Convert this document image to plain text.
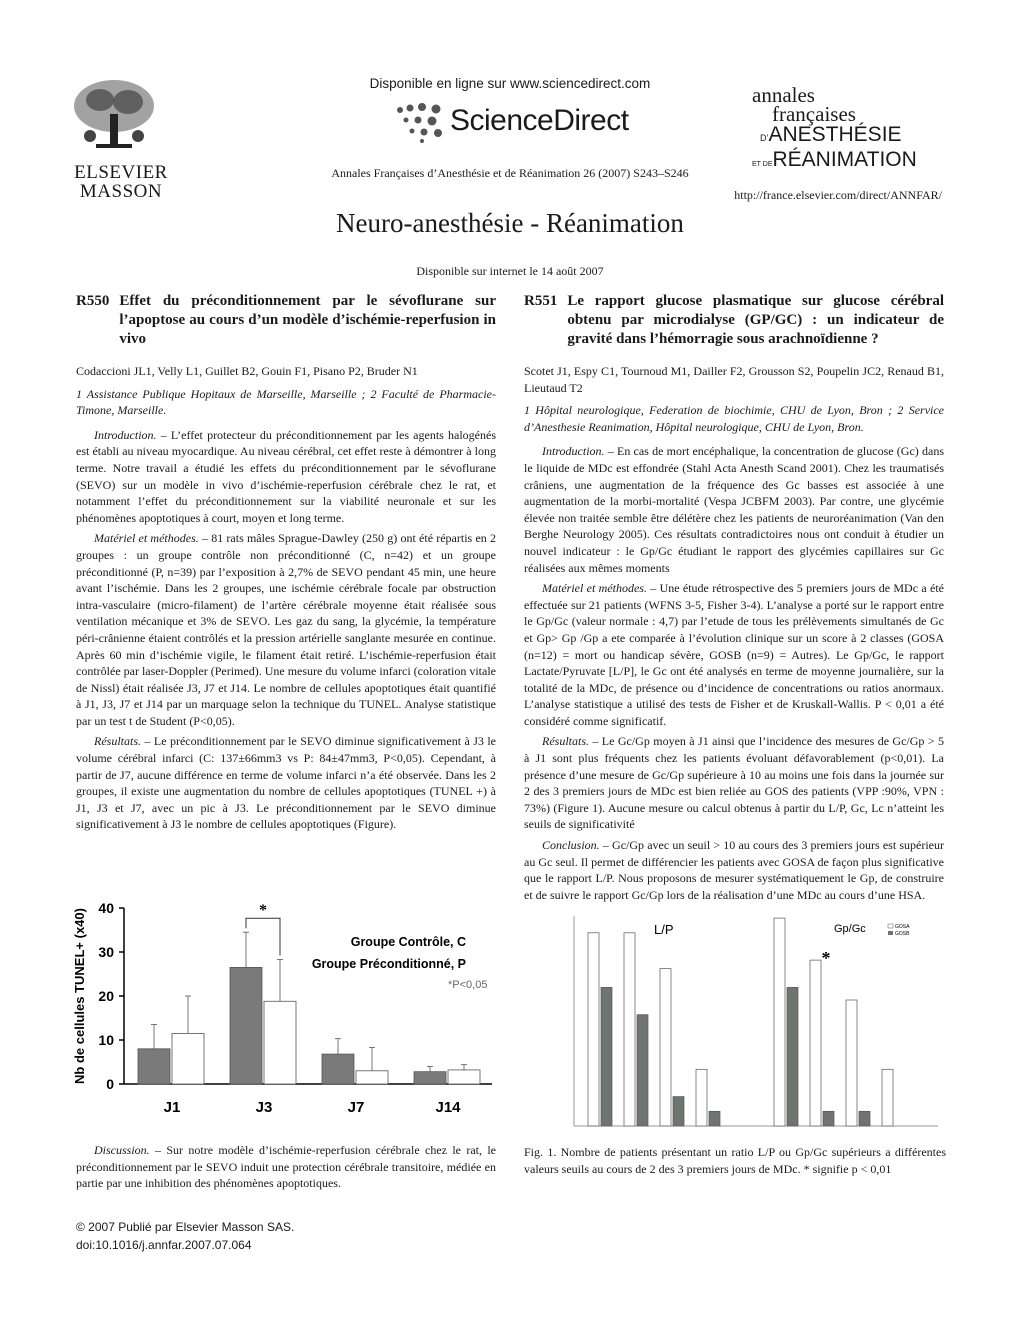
ELSEVIER
MASSON
Disponible en ligne sur www.sciencedirect.com
ScienceDirect
Annales Françaises d’Anesthésie et de Réanimation 26 (2007) S243–S246
annales
françaises
D’ANESTHÉSIE
ET DERÉANIMATION
http://france.elsevier.com/direct/ANNFAR/
Neuro-anesthésie - Réanimation
Disponible sur internet le 14 août 2007
R550 Effet du préconditionnement par le sévoflurane sur l’apoptose au cours d’un modèle d’ischémie-reperfusion in vivo
Codaccioni JL1, Velly L1, Guillet B2, Gouin F1, Pisano P2, Bruder N1
1 Assistance Publique Hopitaux de Marseille, Marseille ; 2 Faculté de Pharmacie-Timone, Marseille.

Introduction. – L’effet protecteur du préconditionnement par les agents halogénés est établi au niveau myocardique. Au niveau cérébral, cet effet reste à démontrer à long terme. Notre travail a étudié les effets du préconditionnement par le sévoflurane (SEVO) sur un modèle in vivo d’ischémie-reperfusion cérébrale chez le rat, et notamment l’effet du préconditionnement sur la viabilité neuronale et sur les phénomènes apoptotiques à court, moyen et long terme.

Matériel et méthodes. – 81 rats mâles Sprague-Dawley (250 g) ont été répartis en 2 groupes : un groupe contrôle non préconditionné (C, n=42) et un groupe préconditionné (P, n=39) par l’exposition à 2,7% de SEVO pendant 45 min, une heure avant l’ischémie. Dans les 2 groupes, une ischémie cérébrale focale par obstruction intra-vasculaire (micro-filament) de l’artère cérébrale moyenne était réalisée sous ventilation mécanique et 3% de SEVO. Les gaz du sang, la glycémie, la température péri-crânienne étaient contrôlés et la pression artérielle sanglante mesurée en continue. Après 60 min d’ischémie vigile, le filament était retiré. L’ischémie-reperfusion était contrôlée par laser-Doppler (Perimed). Une mesure du volume infarci (coloration vitale de Nissl) était réalisée J3, J7 et J14. Le nombre de cellules apoptotiques était quantifié à J1, J3, J7 et J14 par un marquage selon la technique du TUNEL. Analyse statistique par un test t de Student (P<0,05).

Résultats. – Le préconditionnement par le SEVO diminue significativement à J3 le volume cérébral infarci (C: 137±66mm3 vs P: 84±47mm3, P<0,05). Cependant, à partir de J7, aucune différence en terme de volume infarci n’a été observée. Dans les 2 groupes, il existe une augmentation du nombre de cellules apoptotiques (TUNEL +) à J1, J3 et J7, avec un pic à J3. Le préconditionnement par le SEVO diminue significativement à J3 le nombre de cellules apoptotiques (Figure).

Nb de cellules TUNEL+ (x40)
0
10
20
30
40
J1	J3	J7	J14
*
Groupe Contrôle, C
Groupe Préconditionné, P
*P<0,05

Discussion. – Sur notre modèle d’ischémie-reperfusion cérébrale chez le rat, le préconditionnement par le SEVO induit une protection cérébrale transitoire, médiée en partie par une inhibition des phénomènes apoptotiques.

R551 Le rapport glucose plasmatique sur glucose cérébral obtenu par microdialyse (GP/GC) : un indicateur de gravité dans l’hémorragie sous arachnoïdienne ?
Scotet J1, Espy C1, Tournoud M1, Dailler F2, Grousson S2, Poupelin JC2, Renaud B1, Lieutaud T2
1 Hôpital neurologique, Federation de biochimie, CHU de Lyon, Bron ; 2 Service d’Anesthesie Reanimation, Hôpital neurologique, CHU de Lyon, Bron.

Introduction. – En cas de mort encéphalique, la concentration de glucose (Gc) dans le liquide de MDc est effondrée (Stahl Acta Anesth Scand 2001). Chez les traumatisés crâniens, une augmentation de la fréquence des Gc basses est associée à une augmentation de la morbi-mortalité (Vespa JCBFM 2003). Par contre, une glycémie élevée non traitée semble être délétère chez les patients de neuroréanimation (Van den Berghe Neurology 2005). Ces résultats contradictoires nous ont conduit à étudier un nouvel indicateur : le Gp/Gc étudiant le rapport des glycémies capillaires sur Gc réalisées aux mêmes moments

Matériel et méthodes. – Une étude rétrospective des 5 premiers jours de MDc a été effectuée sur 21 patients (WFNS 3-5, Fisher 3-4). L’analyse a porté sur le rapport entre le Gp/Gc (valeur normale : 4,7) par l’etude de tous les prélèvements simultanés de Gc et Gp> Gp /Gp a ete comparée à l’évolution clinique sur un score à 2 classes (GOSA (n=12) = mort ou handicap sévère, GOSB (n=9) = Autres). Le Gp/Gc, le rapport Lactate/Pyruvate [L/P], le Gc ont été analysés en terme de moyenne journalière, sur la totalité de la MDc, de présence ou d’incidence de concentrations ou ratios anormaux. L’analyse statistique a utilisé des tests de Fisher et de Kruskall-Wallis. P < 0,01 a été considéré comme significatif.

Résultats. – Le Gc/Gp moyen à J1 ainsi que l’incidence des mesures de Gc/Gp > 5 à J1 sont plus fréquents chez les patients évoluant défavorablement (p<0,01). La présence d’une mesure de Gc/Gp supérieure à 10 au moins une fois dans la journée sur 2 des 3 premiers jours de MDc est bien reliée au GOS des patients (VPP :90%, VPN : 73%) (Figure 1). Aucune mesure ou calcul obtenus à partir du L/P, Gc, Lc n’atteint les seuils de significativité

Conclusion. – Gc/Gp avec un seuil > 10 au cours des 3 premiers jours est supérieur au Gc seul. Il permet de différencier les patients avec GOSA de façon plus significative que le rapport L/P. Nous proposons de mesurer systématiquement le Gp, de construire et de suivre le rapport Gc/Gp lors de la réalisation d’une MDc au cours d’une HSA.

L/P	Gp/Gc	GOSA
GOSB
*
Fig. 1. Nombre de patients présentant un ratio L/P ou Gp/Gc supérieurs a différentes valeurs seuils au cours de 2 des 3 premiers jours de MDc. * signifie p < 0,01
© 2007 Publié par Elsevier Masson SAS.
doi:10.1016/j.annfar.2007.07.064
